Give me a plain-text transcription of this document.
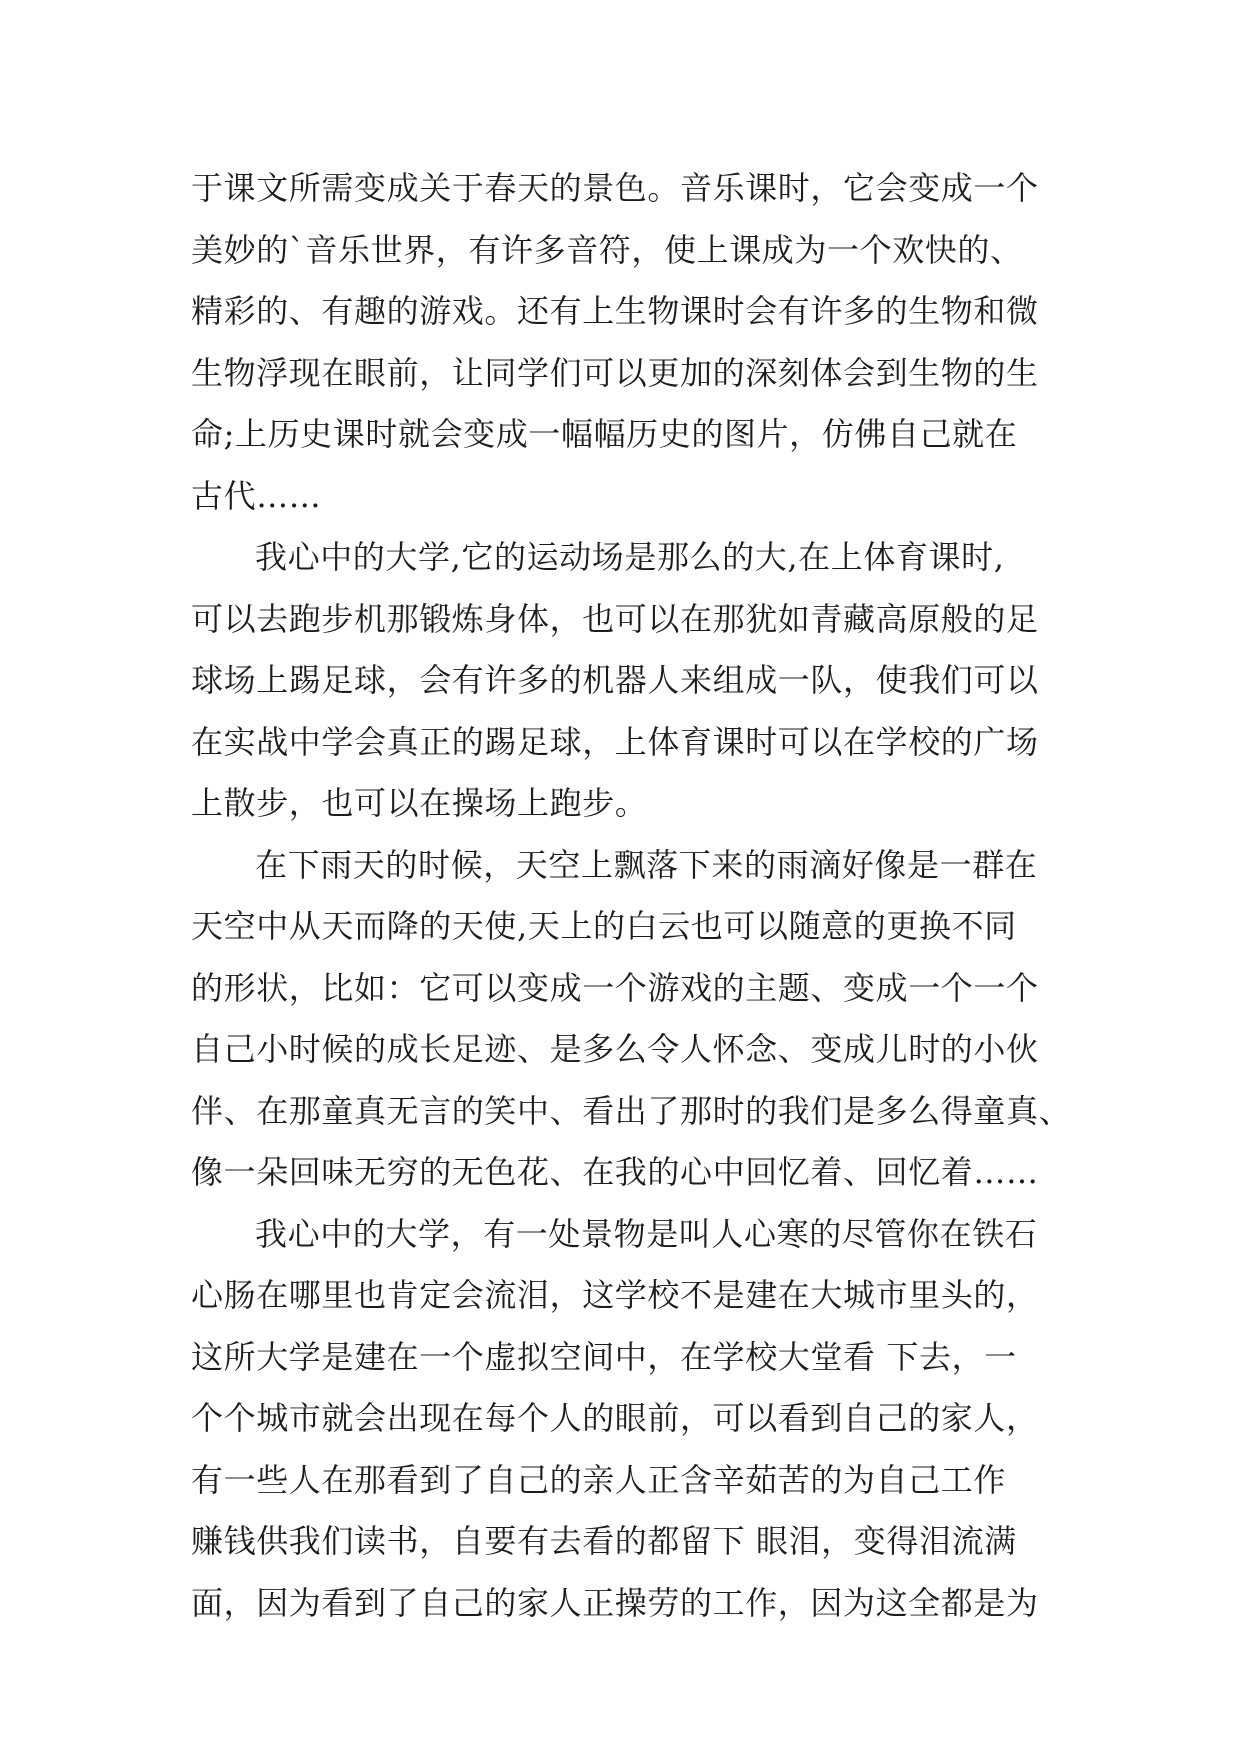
于课文所需变成关于春天的景色。音乐课时，它会变成一个
美妙的`音乐世界，有许多音符，使上课成为一个欢快的、
精彩的、有趣的游戏。还有上生物课时会有许多的生物和微
生物浮现在眼前，让同学们可以更加的深刻体会到生物的生
命;上历史课时就会变成一幅幅历史的图片，仿佛自己就在
古代……
我心中的大学,它的运动场是那么的大,在上体育课时,
可以去跑步机那锻炼身体，也可以在那犹如青藏高原般的足
球场上踢足球，会有许多的机器人来组成一队，使我们可以
在实战中学会真正的踢足球，上体育课时可以在学校的广场
上散步，也可以在操场上跑步。
在下雨天的时候，天空上飘落下来的雨滴好像是一群在
天空中从天而降的天使,天上的白云也可以随意的更换不同
的形状，比如：它可以变成一个游戏的主题、变成一个一个
自己小时候的成长足迹、是多么令人怀念、变成儿时的小伙
伴、在那童真无言的笑中、看出了那时的我们是多么得童真、
像一朵回味无穷的无色花、在我的心中回忆着、回忆着……
我心中的大学，有一处景物是叫人心寒的尽管你在铁石
心肠在哪里也肯定会流泪，这学校不是建在大城市里头的，
这所大学是建在一个虚拟空间中，在学校大堂看 下去，一
个个城市就会出现在每个人的眼前，可以看到自己的家人，
有一些人在那看到了自己的亲人正含辛茹苦的为自己工作
赚钱供我们读书，自要有去看的都留下 眼泪，变得泪流满
面，因为看到了自己的家人正操劳的工作，因为这全都是为
